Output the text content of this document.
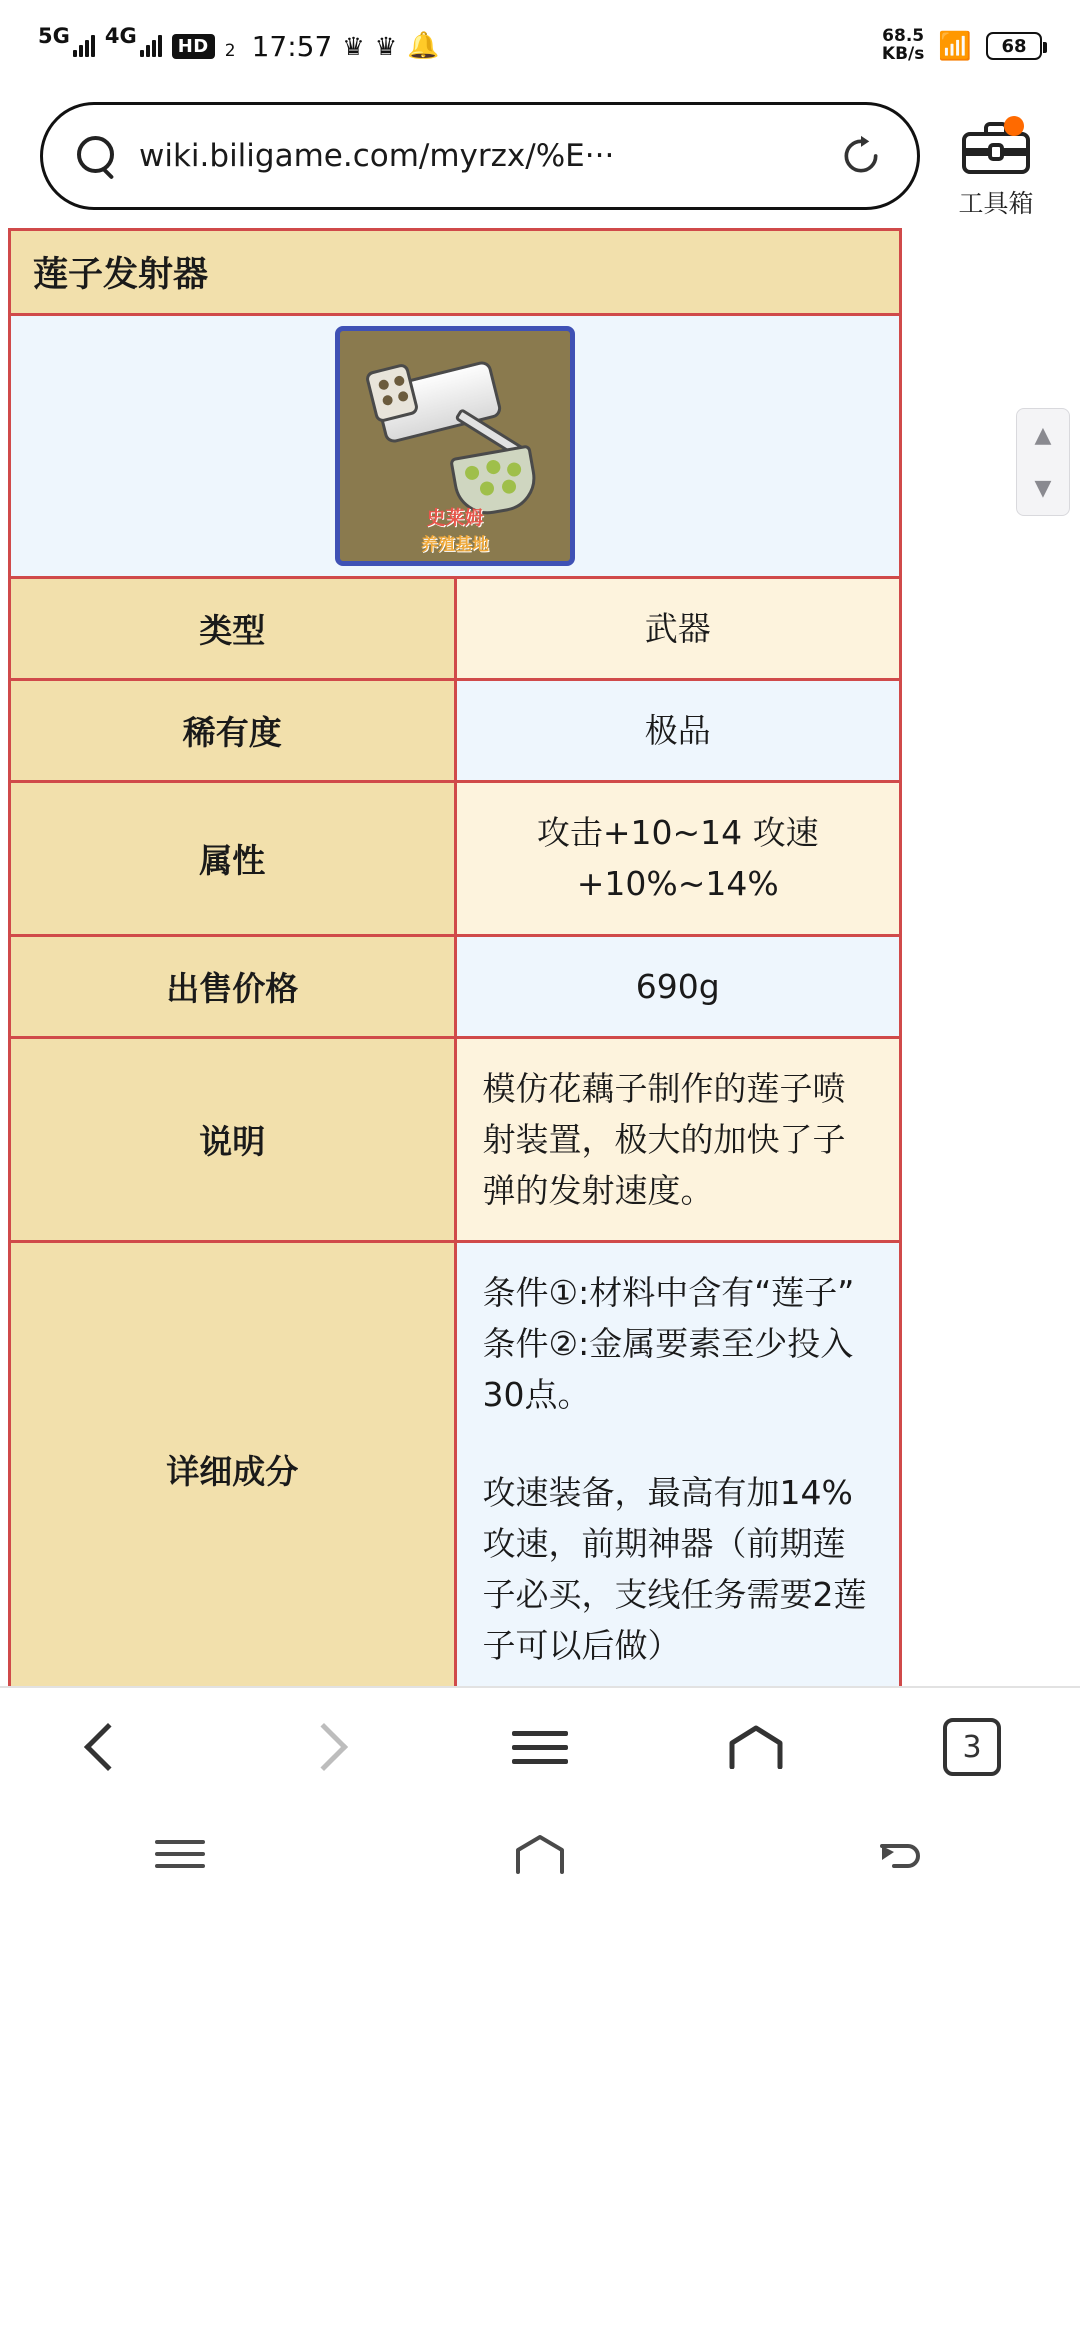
5G 4G	HD 2 17:57 ♛ ♛ 🔔	68.5
KB/s 📶 68
wiki.biligame.com/myrzx/%E···
工具箱
▲

▼
莲子发射器	

史莱姆
养殖基地	

类型	武器
稀有度	极品
属性	攻击+10~14 攻速+10%~14%
出售价格	690g
说明	模仿花藕子制作的莲子喷射装置，极大的加快了子弹的发射速度。
详细成分	条件①:材料中含有“莲子”

条件②:金属要素至少投入30点。

攻速装备，最高有加14%攻速，前期神器（前期莲子必买，支线任务需要2莲子可以后做）

3
